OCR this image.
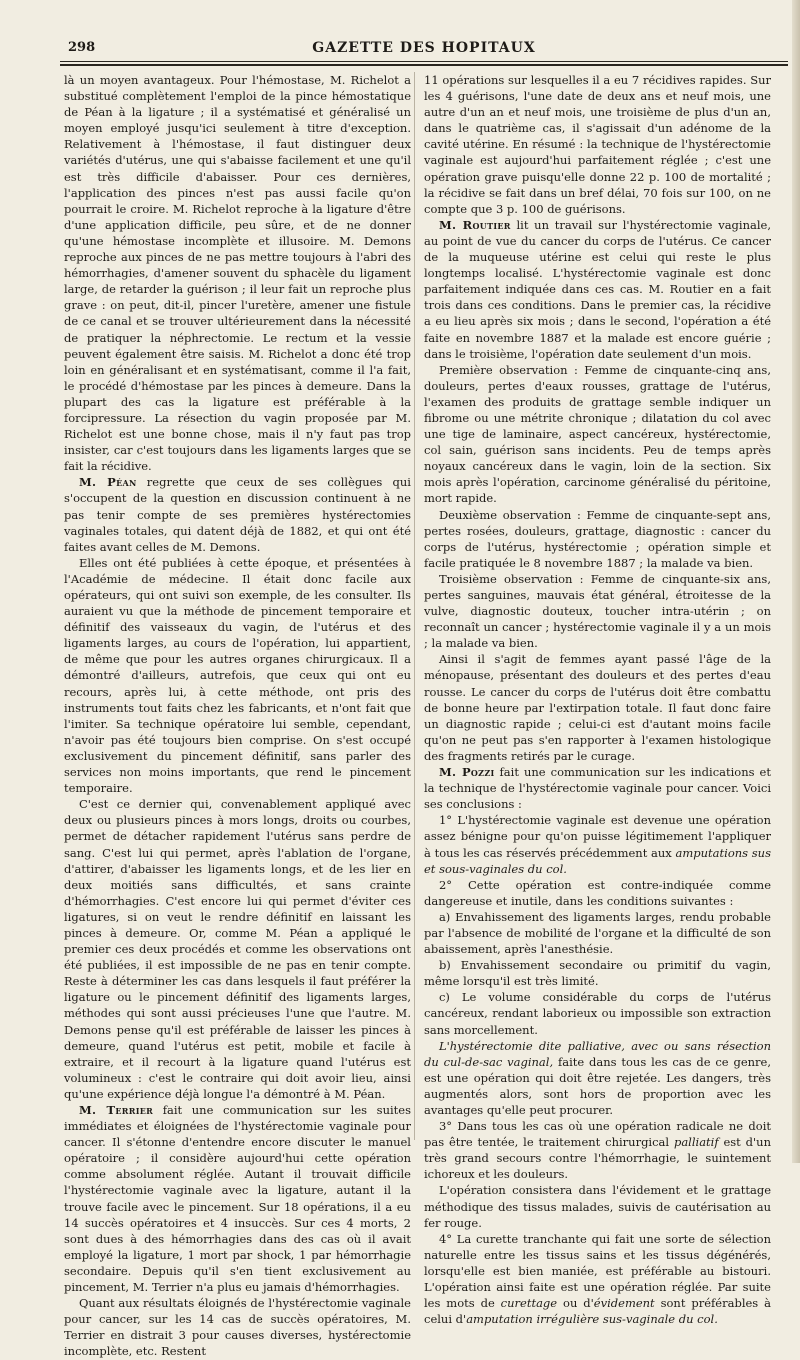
298	GAZETTE DES HOPITAUX

là un moyen avantageux. Pour l'hémostase, M. Richelot a substitué complètement l'emploi de la pince hémostatique de Péan à la ligature ; il a systématisé et généralisé un moyen employé jusqu'ici seulement à titre d'exception. Relativement à l'hémostase, il faut distinguer deux variétés d'utérus, une qui s'abaisse facilement et une qu'il est très difficile d'abaisser. Pour ces dernières, l'application des pinces n'est pas aussi facile qu'on pourrait le croire. M. Richelot reproche à la ligature d'être d'une application difficile, peu sûre, et de ne donner qu'une hémostase incomplète et illusoire. M. Demons reproche aux pinces de ne pas mettre toujours à l'abri des hémorrhagies, d'amener souvent du sphacèle du ligament large, de retarder la guérison ; il leur fait un reproche plus grave : on peut, dit-il, pincer l'uretère, amener une fistule de ce canal et se trouver ultérieurement dans la nécessité de pratiquer la néphrectomie. Le rectum et la vessie peuvent également être saisis. M. Richelot a donc été trop loin en généralisant et en systématisant, comme il l'a fait, le procédé d'hémostase par les pinces à demeure. Dans la plupart des cas la ligature est préférable à la forcipressure. La résection du vagin proposée par M. Richelot est une bonne chose, mais il n'y faut pas trop insister, car c'est toujours dans les ligaments larges que se fait la récidive.

M. Péan regrette que ceux de ses collègues qui s'occupent de la question en discussion continuent à ne pas tenir compte de ses premières hystérectomies vaginales totales, qui datent déjà de 1882, et qui ont été faites avant celles de M. Demons.

Elles ont été publiées à cette époque, et présentées à l'Académie de médecine. Il était donc facile aux opérateurs, qui ont suivi son exemple, de les consulter. Ils auraient vu que la méthode de pincement temporaire et définitif des vaisseaux du vagin, de l'utérus et des ligaments larges, au cours de l'opération, lui appartient, de même que pour les autres organes chirurgicaux. Il a démontré d'ailleurs, autrefois, que ceux qui ont eu recours, après lui, à cette méthode, ont pris des instruments tout faits chez les fabricants, et n'ont fait que l'imiter. Sa technique opératoire lui semble, cependant, n'avoir pas été toujours bien comprise. On s'est occupé exclusivement du pincement définitif, sans parler des services non moins importants, que rend le pincement temporaire.

C'est ce dernier qui, convenablement appliqué avec deux ou plusieurs pinces à mors longs, droits ou courbes, permet de détacher rapidement l'utérus sans perdre de sang. C'est lui qui permet, après l'ablation de l'organe, d'attirer, d'abaisser les ligaments longs, et de les lier en deux moitiés sans difficultés, et sans crainte d'hémorrhagies. C'est encore lui qui permet d'éviter ces ligatures, si on veut le rendre définitif en laissant les pinces à demeure. Or, comme M. Péan a appliqué le premier ces deux procédés et comme les observations ont été publiées, il est impossible de ne pas en tenir compte. Reste à déterminer les cas dans lesquels il faut préférer la ligature ou le pincement définitif des ligaments larges, méthodes qui sont aussi précieuses l'une que l'autre. M. Demons pense qu'il est préférable de laisser les pinces à demeure, quand l'utérus est petit, mobile et facile à extraire, et il recourt à la ligature quand l'utérus est volumineux : c'est le contraire qui doit avoir lieu, ainsi qu'une expérience déjà longue l'a démontré à M. Péan.

M. Terrier fait une communication sur les suites immédiates et éloignées de l'hystérectomie vaginale pour cancer. Il s'étonne d'entendre encore discuter le manuel opératoire ; il considère aujourd'hui cette opération comme absolument réglée. Autant il trouvait difficile l'hystérectomie vaginale avec la ligature, autant il la trouve facile avec le pincement. Sur 18 opérations, il a eu 14 succès opératoires et 4 insuccès. Sur ces 4 morts, 2 sont dues à des hémorrhagies dans des cas où il avait employé la ligature, 1 mort par shock, 1 par hémorrhagie secondaire. Depuis qu'il s'en tient exclusivement au pincement, M. Terrier n'a plus eu jamais d'hémorrhagies.

Quant aux résultats éloignés de l'hystérectomie vaginale pour cancer, sur les 14 cas de succès opératoires, M. Terrier en distrait 3 pour causes diverses, hystérectomie incomplète, etc. Restent

11 opérations sur lesquelles il a eu 7 récidives rapides. Sur les 4 guérisons, l'une date de deux ans et neuf mois, une autre d'un an et neuf mois, une troisième de plus d'un an, dans le quatrième cas, il s'agissait d'un adénome de la cavité utérine. En résumé : la technique de l'hystérectomie vaginale est aujourd'hui parfaitement réglée ; c'est une opération grave puisqu'elle donne 22 p. 100 de mortalité ; la récidive se fait dans un bref délai, 70 fois sur 100, on ne compte que 3 p. 100 de guérisons.

M. Routier lit un travail sur l'hystérectomie vaginale, au point de vue du cancer du corps de l'utérus. Ce cancer de la muqueuse utérine est celui qui reste le plus longtemps localisé. L'hystérectomie vaginale est donc parfaitement indiquée dans ces cas. M. Routier en a fait trois dans ces conditions. Dans le premier cas, la récidive a eu lieu après six mois ; dans le second, l'opération a été faite en novembre 1887 et la malade est encore guérie ; dans le troisième, l'opération date seulement d'un mois.

Première observation : Femme de cinquante-cinq ans, douleurs, pertes d'eaux rousses, grattage de l'utérus, l'examen des produits de grattage semble indiquer un fibrome ou une métrite chronique ; dilatation du col avec une tige de laminaire, aspect cancéreux, hystérectomie, col sain, guérison sans incidents. Peu de temps après noyaux cancéreux dans le vagin, loin de la section. Six mois après l'opération, carcinome généralisé du péritoine, mort rapide.

Deuxième observation : Femme de cinquante-sept ans, pertes rosées, douleurs, grattage, diagnostic : cancer du corps de l'utérus, hystérectomie ; opération simple et facile pratiquée le 8 novembre 1887 ; la malade va bien.

Troisième observation : Femme de cinquante-six ans, pertes sanguines, mauvais état général, étroitesse de la vulve, diagnostic douteux, toucher intra-utérin ; on reconnaît un cancer ; hystérectomie vaginale il y a un mois ; la malade va bien.

Ainsi il s'agit de femmes ayant passé l'âge de la ménopause, présentant des douleurs et des pertes d'eau rousse. Le cancer du corps de l'utérus doit être combattu de bonne heure par l'extirpation totale. Il faut donc faire un diagnostic rapide ; celui-ci est d'autant moins facile qu'on ne peut pas s'en rapporter à l'examen histologique des fragments retirés par le curage.

M. Pozzi fait une communication sur les indications et la technique de l'hystérectomie vaginale pour cancer. Voici ses conclusions :

1° L'hystérectomie vaginale est devenue une opération assez bénigne pour qu'on puisse légitimement l'appliquer à tous les cas réservés précédemment aux amputations sus et sous-vaginales du col.

2° Cette opération est contre-indiquée comme dangereuse et inutile, dans les conditions suivantes :

a) Envahissement des ligaments larges, rendu probable par l'absence de mobilité de l'organe et la difficulté de son abaissement, après l'anesthésie.

b) Envahissement secondaire ou primitif du vagin, même lorsqu'il est très limité.

c) Le volume considérable du corps de l'utérus cancéreux, rendant laborieux ou impossible son extraction sans morcellement.

L'hystérectomie dite palliative, avec ou sans résection du cul-de-sac vaginal, faite dans tous les cas de ce genre, est une opération qui doit être rejetée. Les dangers, très augmentés alors, sont hors de proportion avec les avantages qu'elle peut procurer.

3° Dans tous les cas où une opération radicale ne doit pas être tentée, le traitement chirurgical palliatif est d'un très grand secours contre l'hémorrhagie, le suintement ichoreux et les douleurs.

L'opération consistera dans l'évidement et le grattage méthodique des tissus malades, suivis de cautérisation au fer rouge.

4° La curette tranchante qui fait une sorte de sélection naturelle entre les tissus sains et les tissus dégénérés, lorsqu'elle est bien maniée, est préférable au bistouri. L'opération ainsi faite est une opération réglée. Par suite les mots de curettage ou d'évidement sont préférables à celui d'amputation irrégulière sus-vaginale du col.
